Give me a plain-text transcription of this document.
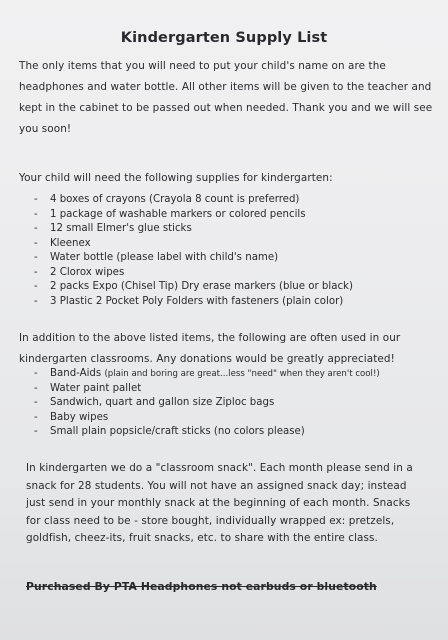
Kindergarten Supply List
The only items that you will need to put your child's name on are the headphones and water bottle. All other items will be given to the teacher and kept in the cabinet to be passed out when needed. Thank you and we will see you soon!
Your child will need the following supplies for kindergarten:
- 4 boxes of crayons (Crayola 8 count is preferred)
- 1 package of washable markers or colored pencils
- 12 small Elmer's glue sticks
- Kleenex
- Water bottle (please label with child's name)
- 2 Clorox wipes
- 2 packs Expo (Chisel Tip) Dry erase markers (blue or black)
- 3 Plastic 2 Pocket Poly Folders with fasteners (plain color)
In addition to the above listed items, the following are often used in our kindergarten classrooms. Any donations would be greatly appreciated!
- Band-Aids (plain and boring are great...less "need" when they aren't cool!)
- Water paint pallet
- Sandwich, quart and gallon size Ziploc bags
- Baby wipes
- Small plain popsicle/craft sticks (no colors please)
In kindergarten we do a "classroom snack". Each month please send in a snack for 28 students. You will not have an assigned snack day; instead just send in your monthly snack at the beginning of each month. Snacks for class need to be - store bought, individually wrapped ex: pretzels, goldfish, cheez-its, fruit snacks, etc. to share with the entire class.
Purchased By PTA Headphones not earbuds or bluetooth
